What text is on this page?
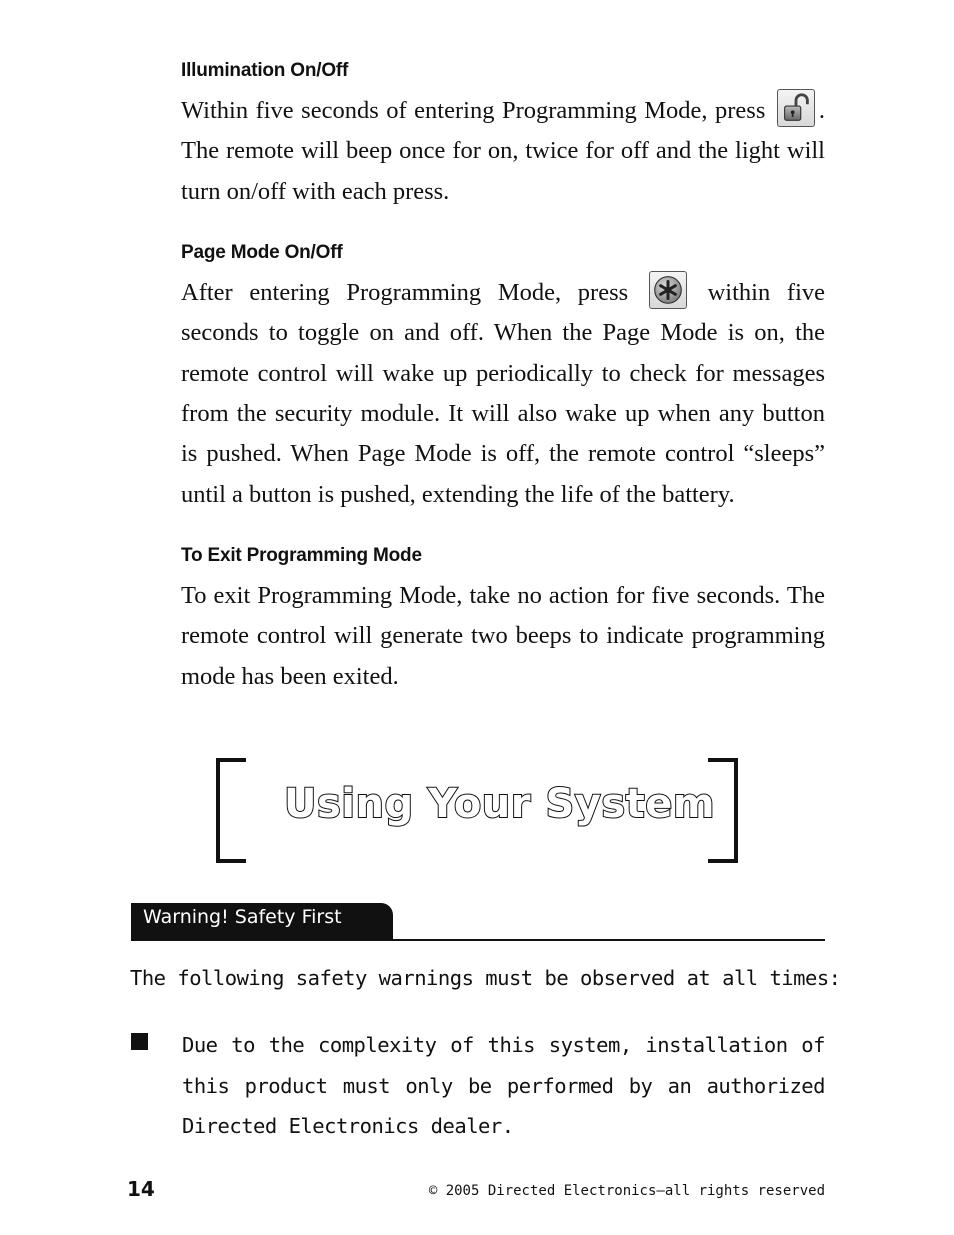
Illumination On/Off

Within five seconds of entering Programming Mode, press . The remote will beep once for on, twice for off and the light will turn on/off with each press.

Page Mode On/Off

After entering Programming Mode, press	within five seconds to toggle on and off. When the Page Mode is on, the remote control will wake up periodically to check for messages from the security module. It will also wake up when any button is pushed. When Page Mode is off, the remote control “sleeps” until a button is pushed, extending the life of the battery.

To Exit Programming Mode

To exit Programming Mode, take no action for five seconds. The remote control will generate two beeps to indicate programming mode has been exited.

Using Your System
Warning! Safety First

The following safety warnings must be observed at all times:

Due to the complexity of this system, installation of this product must only be performed by an authorized Directed Electronics dealer.

14	© 2005 Directed Electronics—all rights reserved
